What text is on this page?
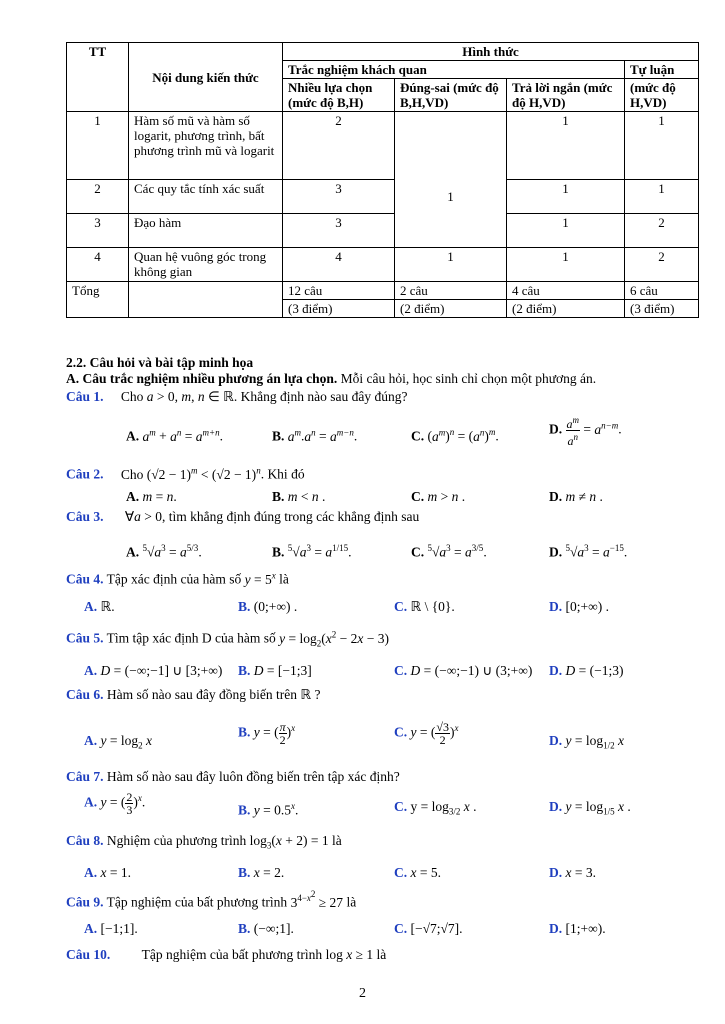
TT	Nội dung kiến thức	Hình thức			
		Trắc nghiệm khách quan			Tự luận
		Nhiều lựa chọn (mức độ B,H)	Đúng-sai (mức độ B,H,VD)	Trả lời ngắn (mức độ H,VD)	(mức độ H,VD)
1	Hàm số mũ và hàm số logarit, phương trình, bất phương trình mũ và logarit	2	1	1	1
2	Các quy tắc tính xác suất	3		1	1
3	Đạo hàm	3		1	2
4	Quan hệ vuông góc trong không gian	4	1	1	2
Tổng		12 câu	2 câu	4 câu	6 câu
		(3 điểm)	(2 điểm)	(2 điểm)	(3 điểm)
2.2. Câu hỏi và bài tập minh họa
A. Câu trắc nghiệm nhiều phương án lựa chọn. Mỗi câu hỏi, học sinh chỉ chọn một phương án.
Câu 1. Cho a > 0, m, n ∈ ℝ. Khẳng định nào sau đây đúng?
A. $a^m + a^n = a^{m+n}$.	B. $a^m.a^n = a^{m-n}$.	C. $(a^m)^n = (a^n)^m$.	D. $\frac{a^m}{a^n} = a^{n-m}$.
Câu 2. Cho $(√2 - 1)^m < (√2 - 1)^n$. Khi đó
A. m = n.	B. m < n .	C. m > n .	D. m ≠ n .
Câu 3. ∀a > 0, tìm khẳng định đúng trong các khẳng định sau
A. $^5√a^3 = a^{5/3}$.	B. $^5√a^3 = a^{1/15}$.	C. $^5√a^3 = a^{3/5}$.	D. $^5√a^3 = a^{-15}$.
Câu 4. Tập xác định của hàm số $y = 5^x$ là
A. ℝ.	B. (0;+∞) .	C. ℝ \ {0}.	D. [0;+∞) .
Câu 5. Tìm tập xác định D của hàm số $y = \log_2(x^2 - 2x - 3)$
A. D = (−∞;−1] ∪ [3;+∞) B. D = [−1;3]	C. D = (−∞;−1) ∪ (3;+∞) D. D = (−1;3)
Câu 6. Hàm số nào sau đây đồng biến trên ℝ ?
A. $y = \log_2 x$
B. y = ( $\frac{\pi}{2} )^x$	C. y = ( $\frac{√3}{2} )^x$
D. $y = \log_{1/2} x$
Câu 7. Hàm số nào sau đây luôn đồng biến trên tập xác định?
A. y = ( $\frac{2}{3} )^x$.
B. $y = 0.5^x$.	C. $y = \log_{3/2} x$ .	D. $y = \log_{1/5} x$ .
Câu 8. Nghiệm của phương trình $\log_3(x + 2) = 1$ là
A. x = 1.	B. x = 2.	C. x = 5.	D. x = 3.
Câu 9. Tập nghiệm của bất phương trình $3^{4-x^2} \ge 27$ là
A. [−1;1].	B. (−∞;1].	C. [−√7;√7].	D. [1;+∞).
Câu 10. Tập nghiệm của bất phương trình log x ≥ 1 là
2
